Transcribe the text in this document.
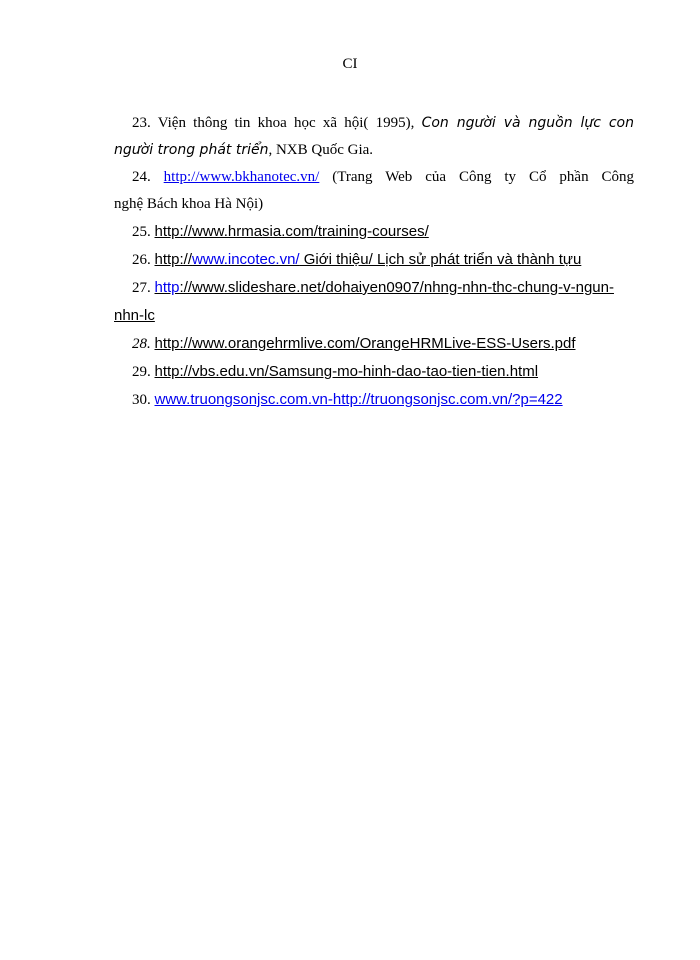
CI

23. Viện thông tin khoa học xã hội( 1995), Con người và nguồn lực con

người trong phát triển, NXB Quốc Gia.

24. http://www.bkhanotec.vn/ (Trang Web của Công ty Cổ phần Công

nghệ Bách khoa Hà Nội)

25. http://www.hrmasia.com/training-courses/

26. http://www.incotec.vn/ Giới thiệu/ Lịch sử phát triển và thành tựu

27. http://www.slideshare.net/dohaiyen0907/nhng-nhn-thc-chung-v-ngun-

nhn-lc

28. http://www.orangehrmlive.com/OrangeHRMLive-ESS-Users.pdf

29. http://vbs.edu.vn/Samsung-mo-hinh-dao-tao-tien-tien.html

30. www.truongsonjsc.com.vn-http://truongsonjsc.com.vn/?p=422
